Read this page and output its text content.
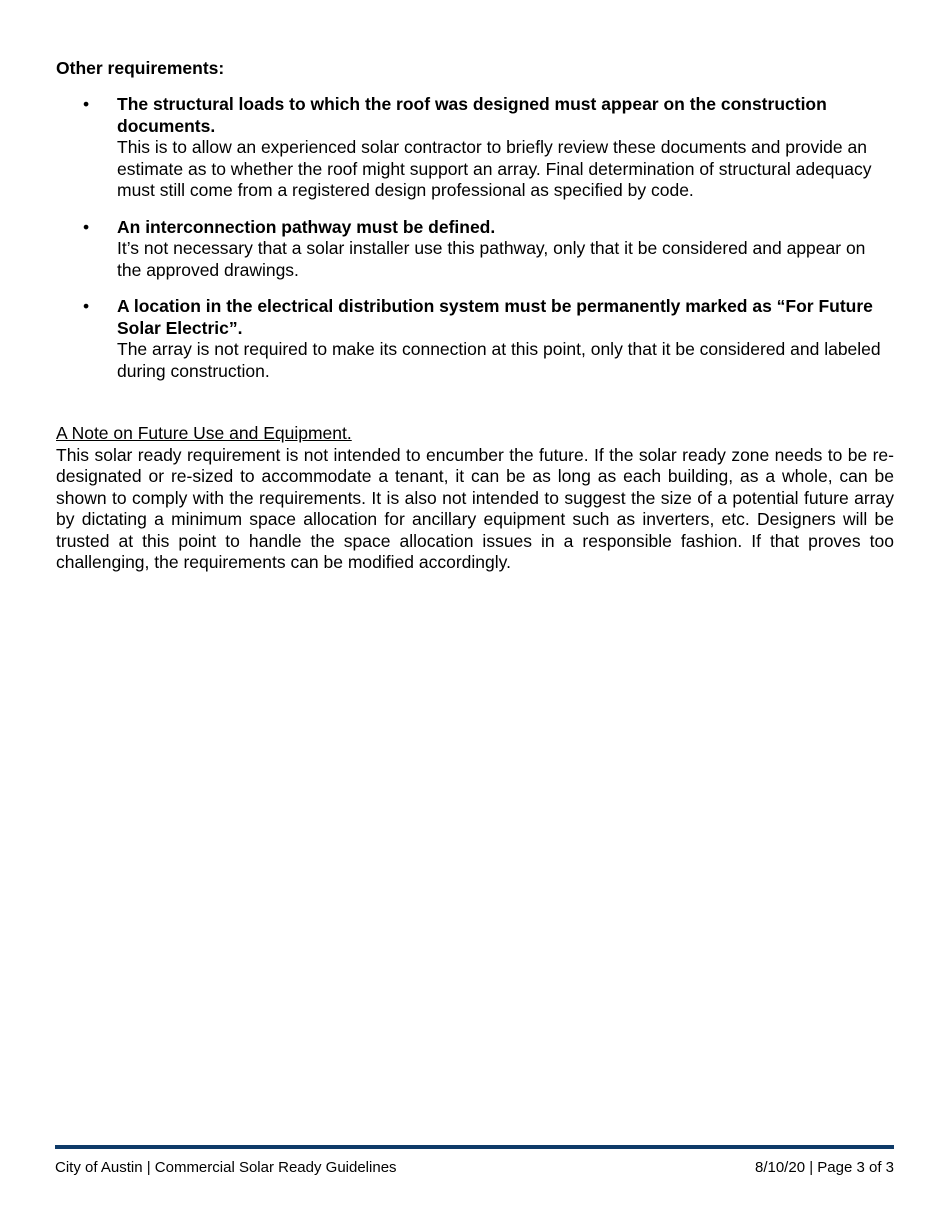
Other requirements:
• The structural loads to which the roof was designed must appear on the construction documents.
This is to allow an experienced solar contractor to briefly review these documents and provide an estimate as to whether the roof might support an array. Final determination of structural adequacy must still come from a registered design professional as specified by code.
• An interconnection pathway must be defined.
It’s not necessary that a solar installer use this pathway, only that it be considered and appear on the approved drawings.
• A location in the electrical distribution system must be permanently marked as “For Future Solar Electric”.
The array is not required to make its connection at this point, only that it be considered and labeled during construction.
A Note on Future Use and Equipment.
This solar ready requirement is not intended to encumber the future. If the solar ready zone needs to be re-designated or re-sized to accommodate a tenant, it can be as long as each building, as a whole, can be shown to comply with the requirements. It is also not intended to suggest the size of a potential future array by dictating a minimum space allocation for ancillary equipment such as inverters, etc. Designers will be trusted at this point to handle the space allocation issues in a responsible fashion. If that proves too challenging, the requirements can be modified accordingly.
City of Austin | Commercial Solar Ready Guidelines	8/10/20 | Page 3 of 3
